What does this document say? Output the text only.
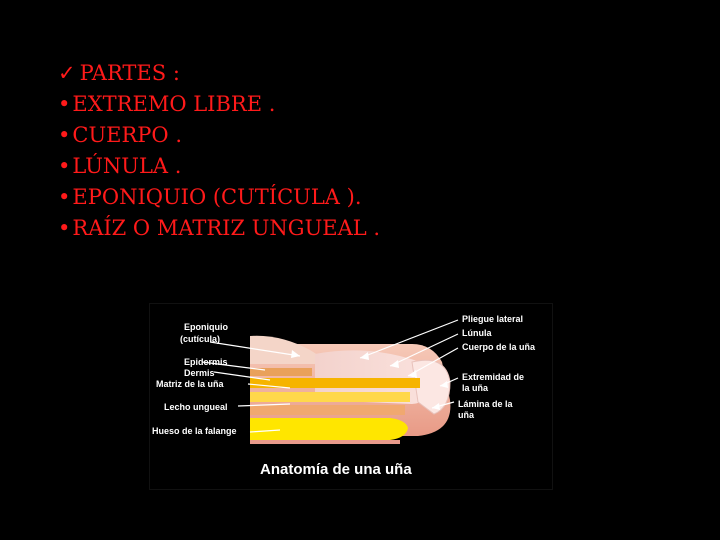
✓ PARTES :
•EXTREMO LIBRE .
•CUERPO .
•LÚNULA .
•EPONIQUIO (CUTÍCULA ).
•RAÍZ O MATRIZ UNGUEAL .
Eponiquio
(cutícula)
Epidermis
Dermis
Matriz de la uña
Lecho ungueal
Hueso de la falange
Pliegue lateral
Lúnula
Cuerpo de la uña
Extremidad de
la uña
Lámina de la
uña
Anatomía de una uña
